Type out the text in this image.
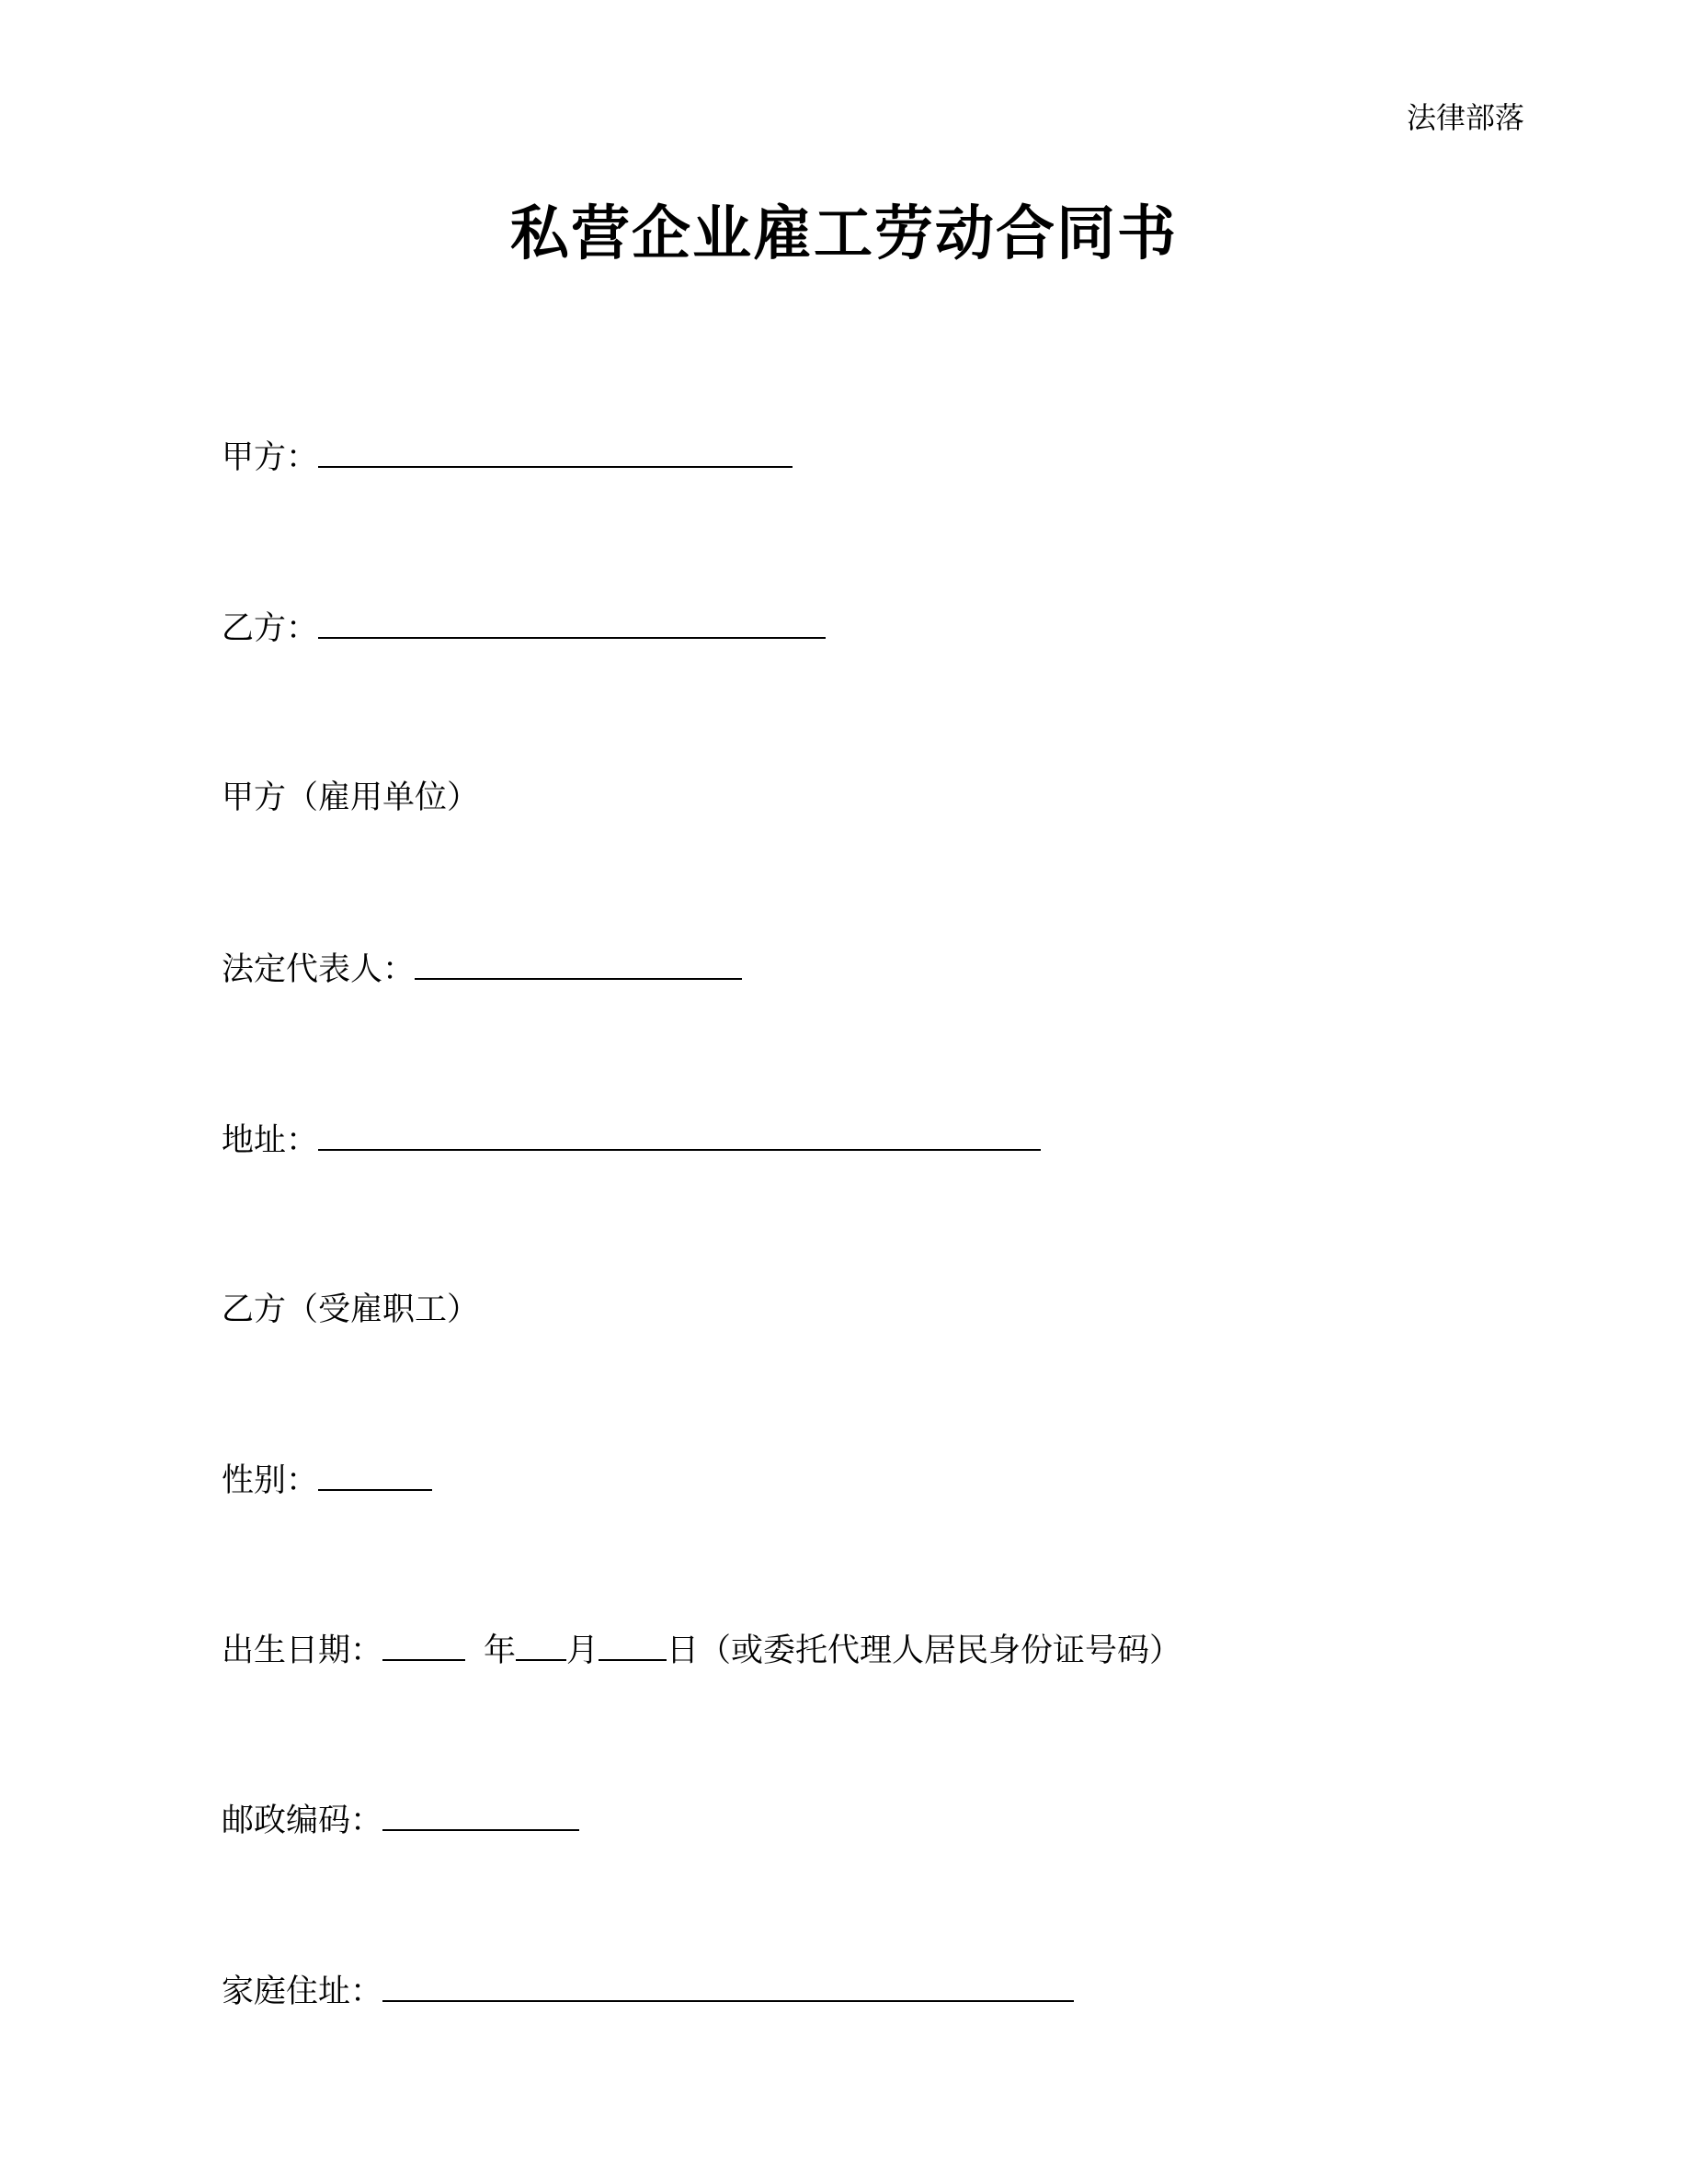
法律部落
私营企业雇工劳动合同书
甲方：
乙方：
甲方（雇用单位）
法定代表人：
地址：
乙方（受雇职工）
性别：
出生日期：	年 月 日（或委托代理人居民身份证号码）
邮政编码：
家庭住址：
